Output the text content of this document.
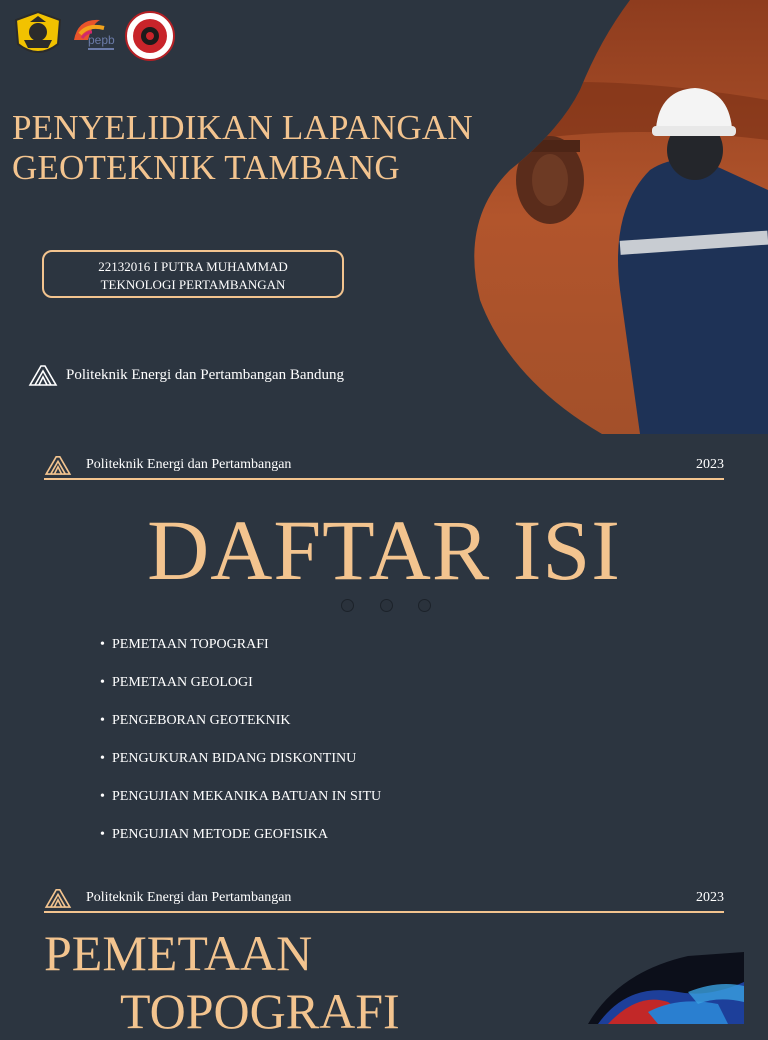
pepb
PENYELIDIKAN LAPANGAN
GEOTEKNIK TAMBANG
22132016 I PUTRA MUHAMMAD
TEKNOLOGI PERTAMBANGAN
Politeknik Energi dan Pertambangan Bandung
Politeknik Energi dan Pertambangan	2023
DAFTAR ISI
• PEMETAAN TOPOGRAFI
• PEMETAAN GEOLOGI
• PENGEBORAN GEOTEKNIK
• PENGUKURAN BIDANG DISKONTINU
• PENGUJIAN MEKANIKA BATUAN IN SITU
• PENGUJIAN METODE GEOFISIKA
Politeknik Energi dan Pertambangan	2023
PEMETAAN
TOPOGRAFI
